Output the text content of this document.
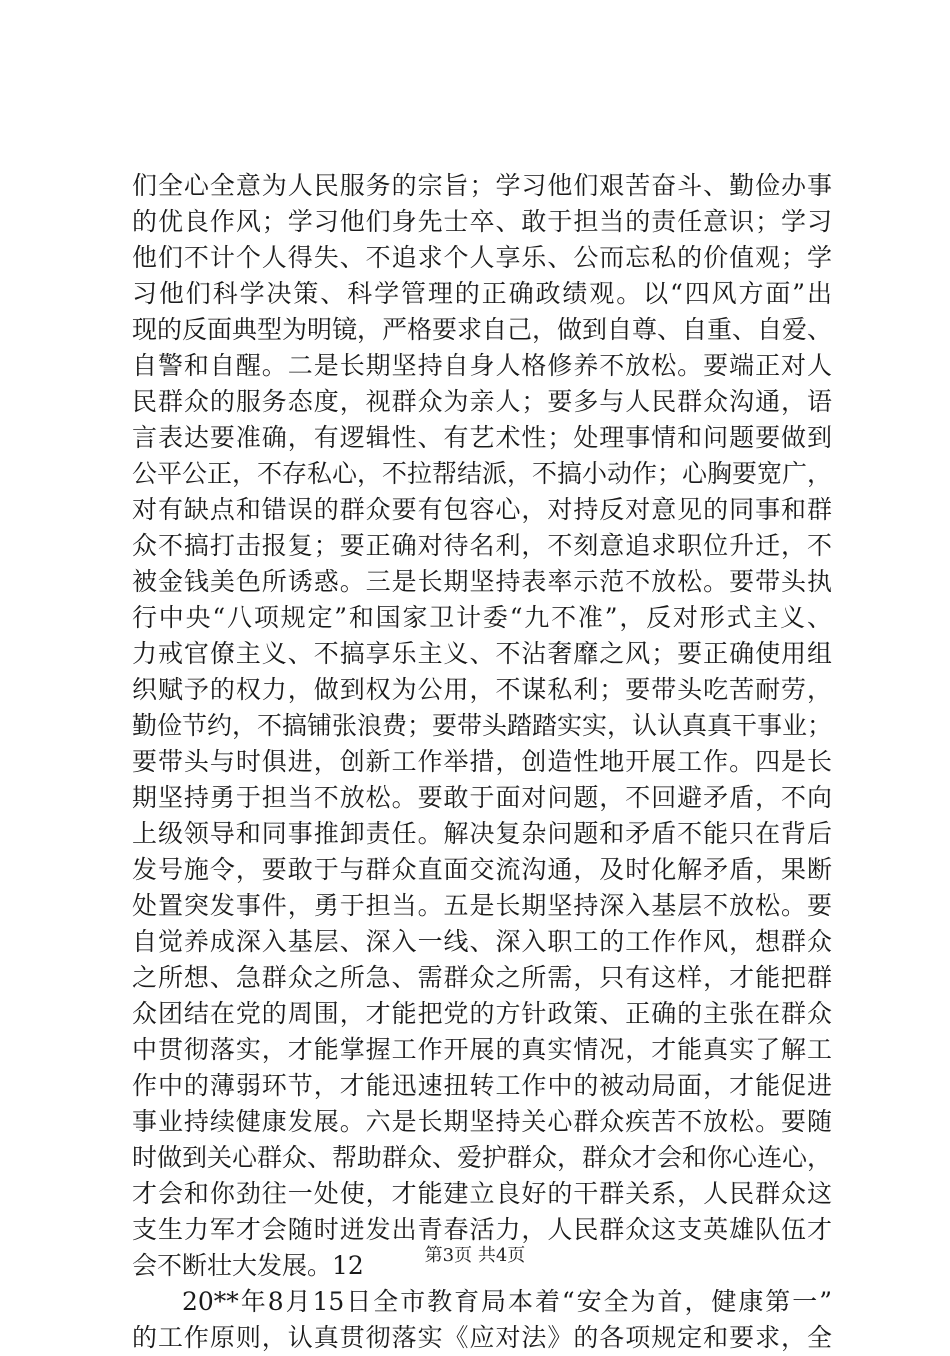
们全心全意为人民服务的宗旨；学习他们艰苦奋斗、勤俭办事
的优良作风；学习他们身先士卒、敢于担当的责任意识；学习
他们不计个人得失、不追求个人享乐、公而忘私的价值观；学
习他们科学决策、科学管理的正确政绩观。以“四风方面”出
现的反面典型为明镜，严格要求自己，做到自尊、自重、自爱、
自警和自醒。二是长期坚持自身人格修养不放松。要端正对人
民群众的服务态度，视群众为亲人；要多与人民群众沟通，语
言表达要准确，有逻辑性、有艺术性；处理事情和问题要做到
公平公正，不存私心，不拉帮结派，不搞小动作；心胸要宽广，
对有缺点和错误的群众要有包容心，对持反对意见的同事和群
众不搞打击报复；要正确对待名利，不刻意追求职位升迁，不
被金钱美色所诱惑。三是长期坚持表率示范不放松。要带头执
行中央“八项规定”和国家卫计委“九不准”，反对形式主义、
力戒官僚主义、不搞享乐主义、不沾奢靡之风；要正确使用组
织赋予的权力，做到权为公用，不谋私利；要带头吃苦耐劳，
勤俭节约，不搞铺张浪费；要带头踏踏实实，认认真真干事业；
要带头与时俱进，创新工作举措，创造性地开展工作。四是长
期坚持勇于担当不放松。要敢于面对问题，不回避矛盾，不向
上级领导和同事推卸责任。解决复杂问题和矛盾不能只在背后
发号施令，要敢于与群众直面交流沟通，及时化解矛盾，果断
处置突发事件，勇于担当。五是长期坚持深入基层不放松。要
自觉养成深入基层、深入一线、深入职工的工作作风，想群众
之所想、急群众之所急、需群众之所需，只有这样，才能把群
众团结在党的周围，才能把党的方针政策、正确的主张在群众
中贯彻落实，才能掌握工作开展的真实情况，才能真实了解工
作中的薄弱环节，才能迅速扭转工作中的被动局面，才能促进
事业持续健康发展。六是长期坚持关心群众疾苦不放松。要随
时做到关心群众、帮助群众、爱护群众，群众才会和你心连心，
才会和你劲往一处使，才能建立良好的干群关系，人民群众这
支生力军才会随时迸发出青春活力，人民群众这支英雄队伍才
会不断壮大发展。12
20**年8月15日全市教育局本着“安全为首，健康第一”
的工作原则，认真贯彻落实《应对法》的各项规定和要求，全
第3页 共4页
